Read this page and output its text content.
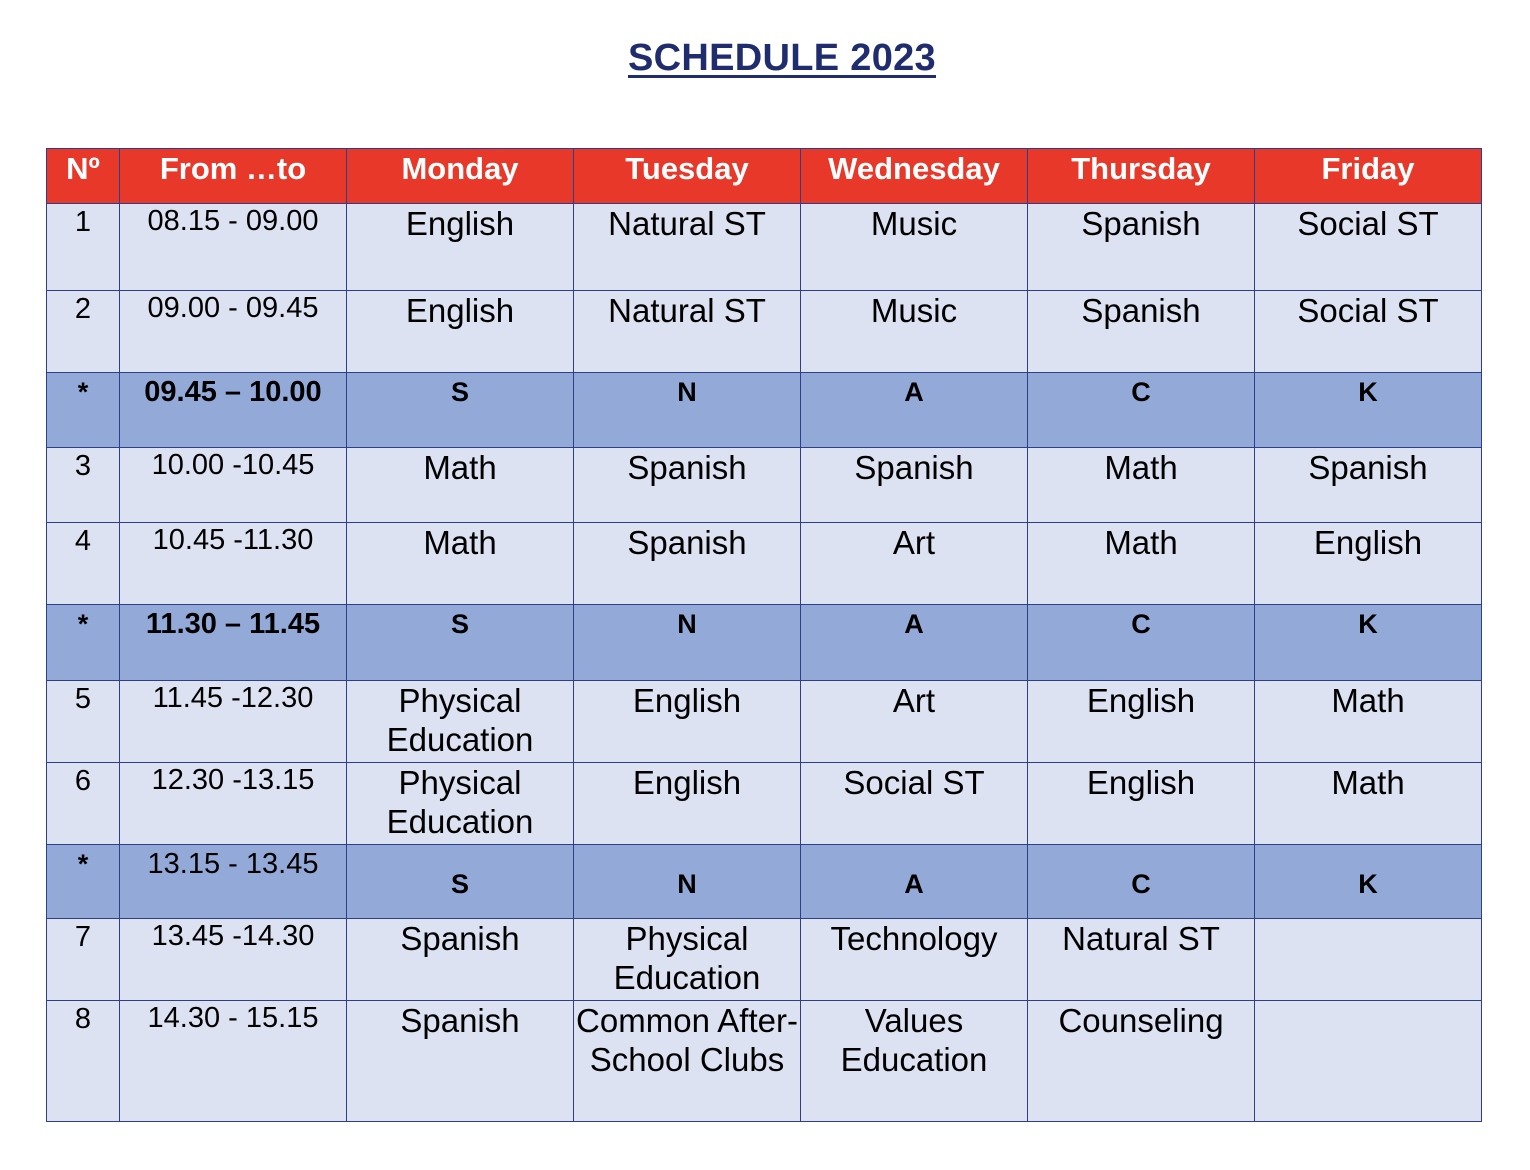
SCHEDULE 2023
Nº	From …to	Monday	Tuesday	Wednesday	Thursday	Friday
1	08.15 - 09.00	English	Natural ST	Music	Spanish	Social ST
2	09.00 - 09.45	English	Natural ST	Music	Spanish	Social ST
*	09.45 – 10.00	S	N	A	C	K
3	10.00 -10.45	Math	Spanish	Spanish	Math	Spanish
4	10.45 -11.30	Math	Spanish	Art	Math	English
*	11.30 – 11.45	S	N	A	C	K
5	11.45 -12.30	Physical Education	English	Art	English	Math
6	12.30 -13.15	Physical Education	English	Social ST	English	Math
*	13.15 - 13.45	S	N	A	C	K
7	13.45 -14.30	Spanish	Physical Education	Technology	Natural ST	
8	14.30 - 15.15	Spanish	Common After-School Clubs	Values Education	Counseling	
